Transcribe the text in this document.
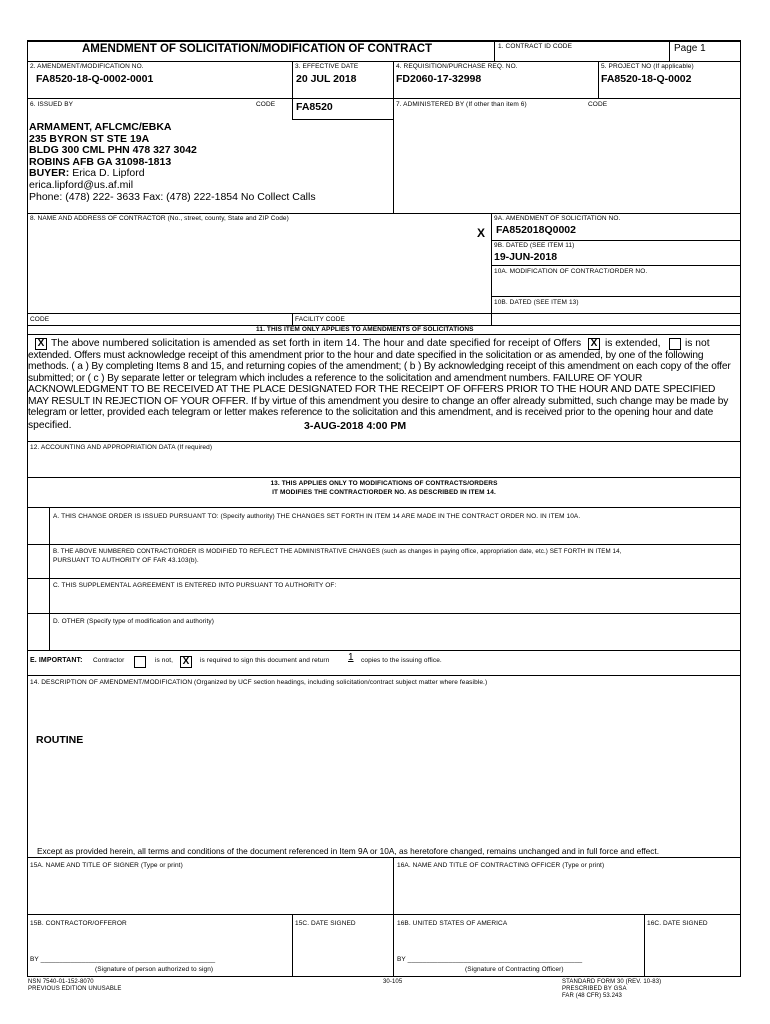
AMENDMENT OF SOLICITATION/MODIFICATION OF CONTRACT	1. CONTRACT ID CODE	Page 1
2. AMENDMENT/MODIFICATION NO.
FA8520-18-Q-0002-0001
3. EFFECTIVE DATE
20 JUL 2018
4. REQUISITION/PURCHASE REQ. NO.
FD2060-17-32998
5. PROJECT NO (If applicable)
FA8520-18-Q-0002
6. ISSUED BY	CODE FA8520	7. ADMINISTERED BY (If other than item 6)	CODE
ARMAMENT, AFLCMC/EBKA
235 BYRON ST STE 19A
BLDG 300 CML PHN 478 327 3042
ROBINS AFB GA 31098-1813
BUYER: Erica D. Lipford
erica.lipford@us.af.mil
Phone: (478) 222- 3633 Fax: (478) 222-1854 No Collect Calls
8. NAME AND ADDRESS OF CONTRACTOR (No., street, county, State and ZIP Code)
X
9A. AMENDMENT OF SOLICITATION NO.
FA852018Q0002
9B. DATED (SEE ITEM 11)
19-JUN-2018
10A. MODIFICATION OF CONTRACT/ORDER NO.
10B. DATED (SEE ITEM 13)
CODE	FACILITY CODE
11. THIS ITEM ONLY APPLIES TO AMENDMENTS OF SOLICITATIONS
X The above numbered solicitation is amended as set forth in item 14. The hour and date specified for receipt of Offers X is extended, is not
extended. Offers must acknowledge receipt of this amendment prior to the hour and date specified in the solicitation or as amended, by one of the following
methods. ( a ) By completing Items 8 and 15, and returning copies of the amendment; ( b ) By acknowledging receipt of this amendment on each copy of the offer
submitted; or ( c ) By separate letter or telegram which includes a reference to the solicitation and amendment numbers. FAILURE OF YOUR
ACKNOWLEDGMENT TO BE RECEIVED AT THE PLACE DESIGNATED FOR THE RECEIPT OF OFFERS PRIOR TO THE HOUR AND DATE SPECIFIED
MAY RESULT IN REJECTION OF YOUR OFFER. If by virtue of this amendment you desire to change an offer already submitted, such change may be made by
telegram or letter, provided each telegram or letter makes reference to the solicitation and this amendment, and is received prior to the opening hour and date
specified.	3-AUG-2018 4:00 PM
12. ACCOUNTING AND APPROPRIATION DATA (If required)
13. THIS APPLIES ONLY TO MODIFICATIONS OF CONTRACTS/ORDERS
IT MODIFIES THE CONTRACT/ORDER NO. AS DESCRIBED IN ITEM 14.
A. THIS CHANGE ORDER IS ISSUED PURSUANT TO: (Specify authority) THE CHANGES SET FORTH IN ITEM 14 ARE MADE IN THE CONTRACT ORDER NO. IN ITEM 10A.
B. THE ABOVE NUMBERED CONTRACT/ORDER IS MODIFIED TO REFLECT THE ADMINISTRATIVE CHANGES (such as changes in paying office, appropriation date, etc.) SET FORTH IN ITEM 14,
PURSUANT TO AUTHORITY OF FAR 43.103(b).
C. THIS SUPPLEMENTAL AGREEMENT IS ENTERED INTO PURSUANT TO AUTHORITY OF:
D. OTHER (Specify type of modification and authority)
E. IMPORTANT: Contractor	is not, X	is required to sign this document and return 1 copies to the issuing office.
14. DESCRIPTION OF AMENDMENT/MODIFICATION (Organized by UCF section headings, including solicitation/contract subject matter where feasible.)
ROUTINE
Except as provided herein, all terms and conditions of the document referenced in Item 9A or 10A, as heretofore changed, remains unchanged and in full force and effect.
15A. NAME AND TITLE OF SIGNER (Type or print)	16A. NAME AND TITLE OF CONTRACTING OFFICER (Type or print)
15B. CONTRACTOR/OFFEROR	15C. DATE SIGNED	16B. UNITED STATES OF AMERICA	16C. DATE SIGNED
BY _______________________________________________
(Signature of person authorized to sign)
BY _______________________________________________
(Signature of Contracting Officer)
NSN 7540-01-152-8070
PREVIOUS EDITION UNUSABLE
30-105	STANDARD FORM 30 (REV. 10-83)
PRESCRIBED BY GSA
FAR (48 CFR) 53.243
